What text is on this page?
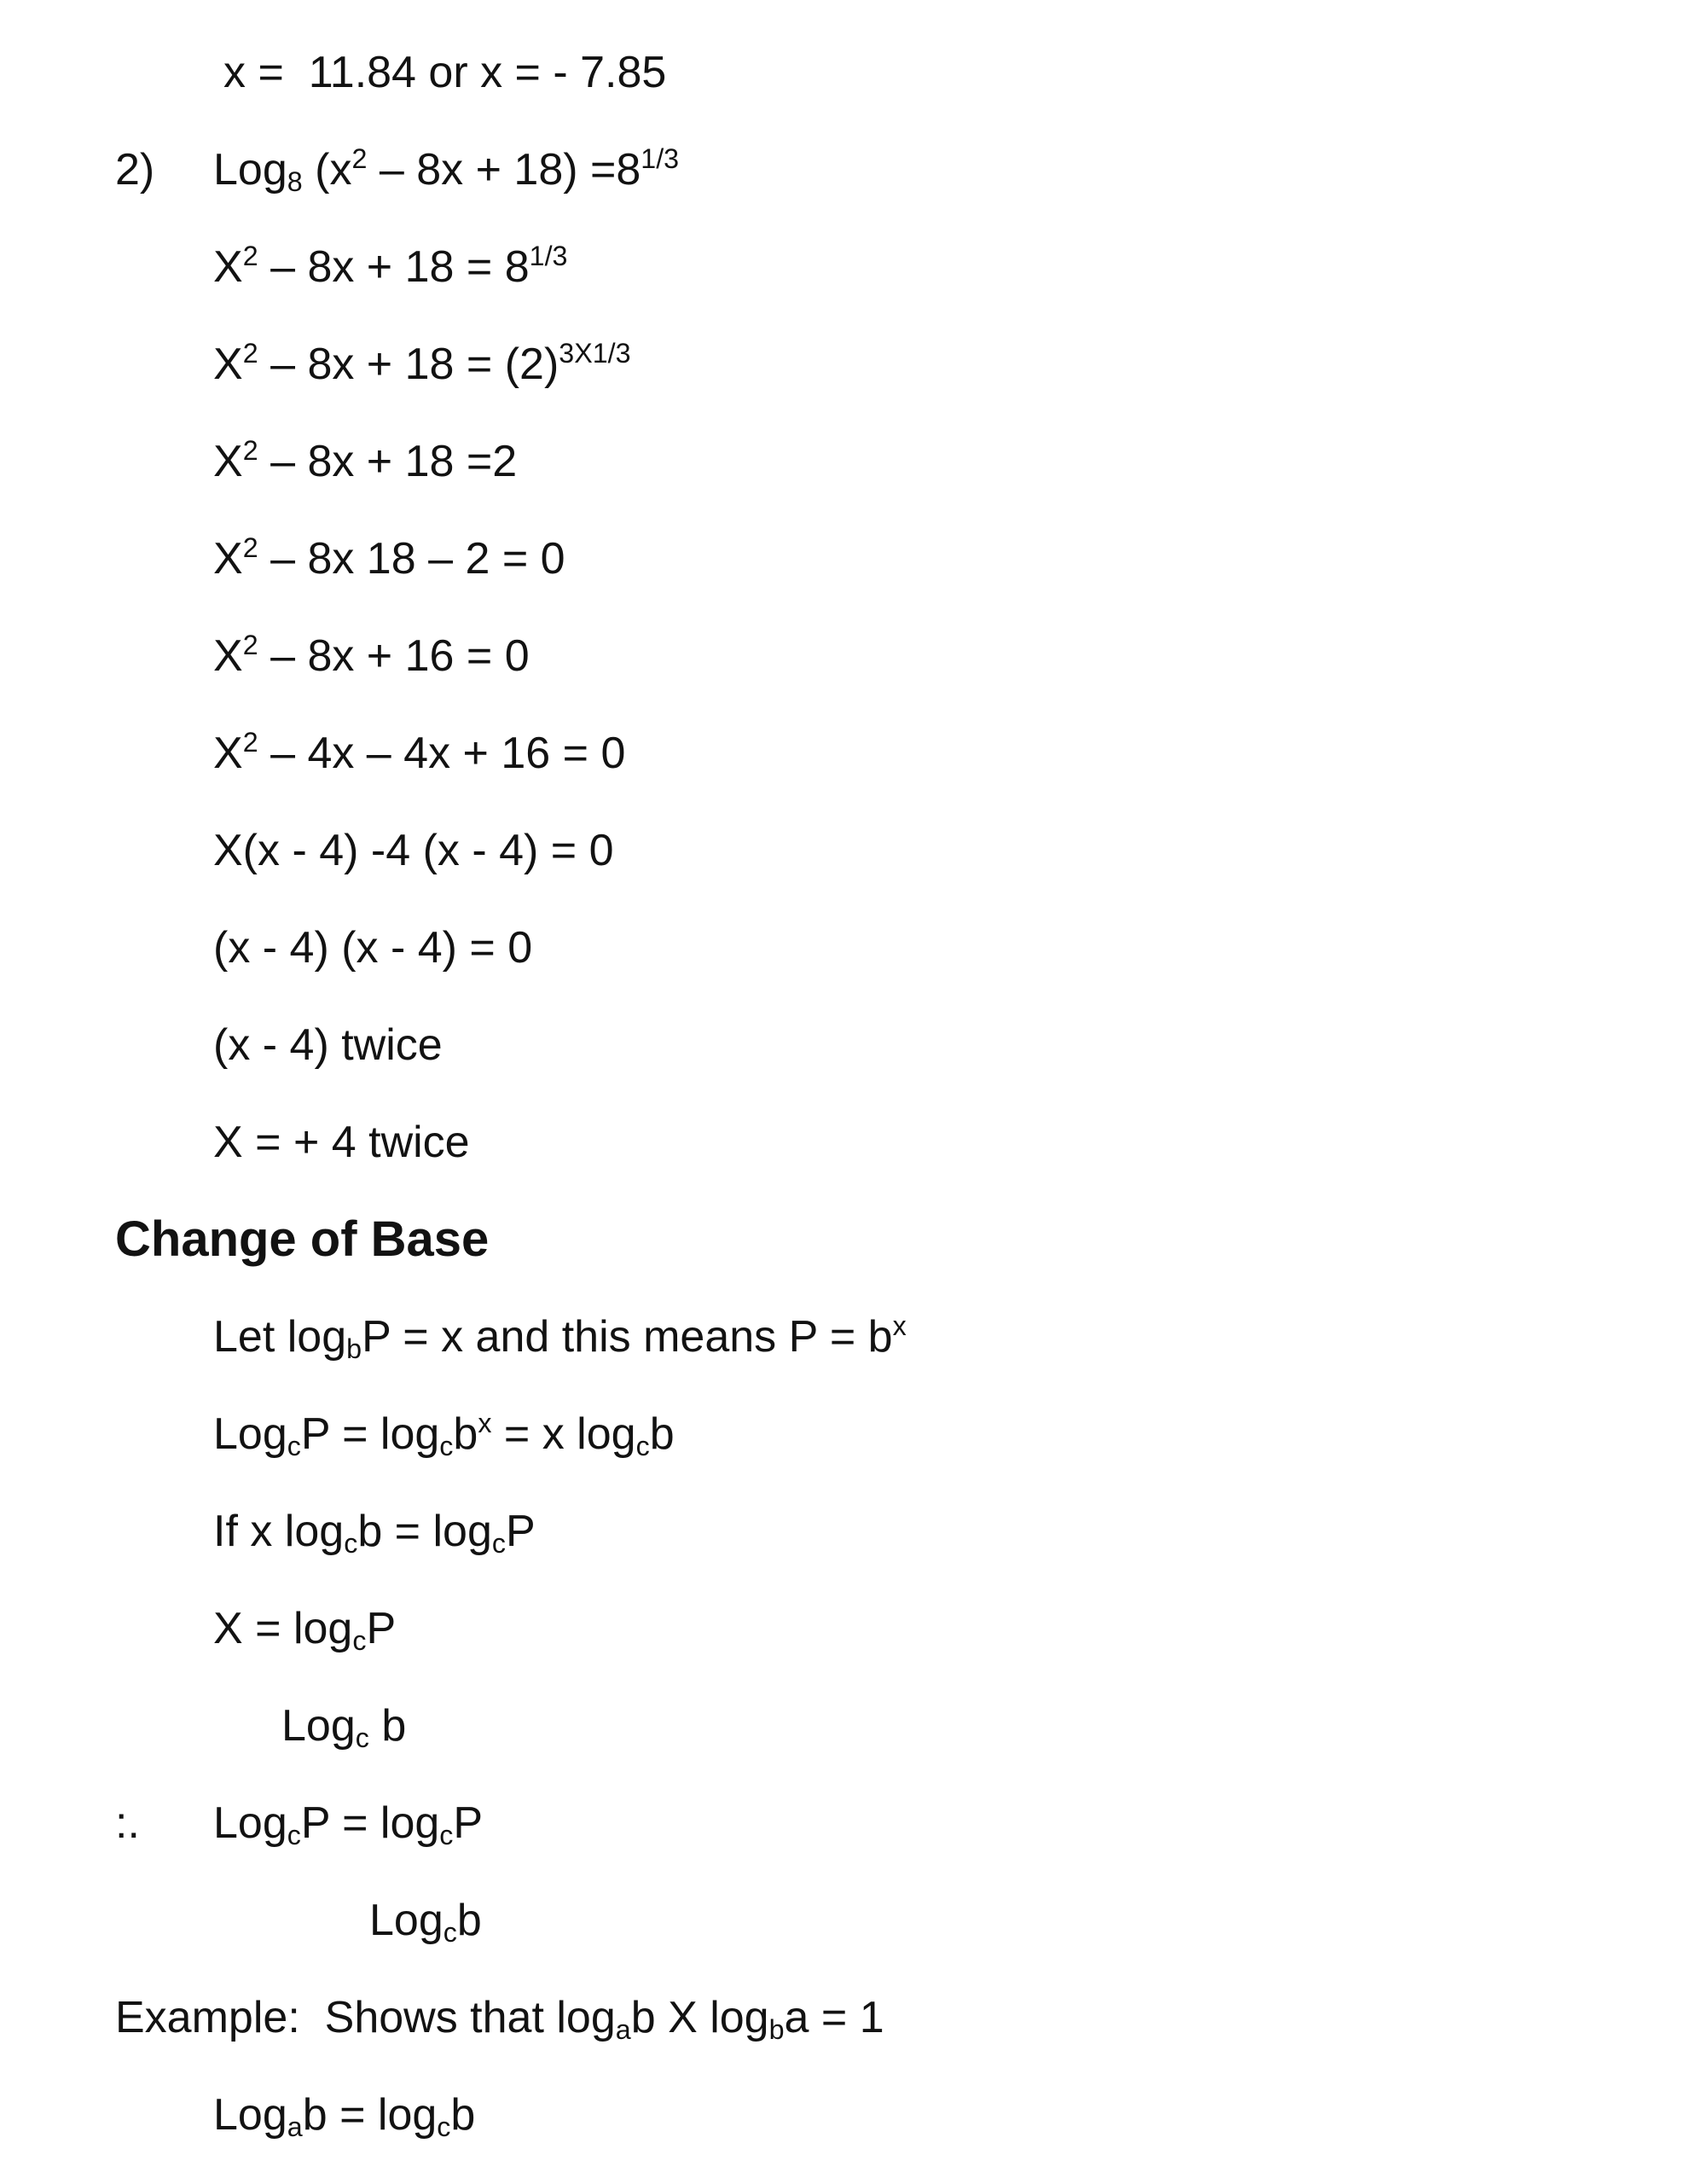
x =  11.84 or x = - 7.85
2) Log8 $(x^2 - 8x + 18) =8^{1/3}$
$X^2 - 8x + 18 = 8^{1/3}$
$X^2 - 8x + 18 = (2)^{3X1/3}$
$X^2 - 8x + 18 =2$
$X^2 - 8x$ 18 – 2 = 0
$X^2 - 8x + 16 = 0$
$X^2 - 4x - 4x + 16 = 0$
X(x - 4) -4 (x - 4) = 0
(x - 4) (x - 4) = 0
(x - 4) twice
X = + 4 twice
Change of Base
Let logbP = x and this means $P = b^x$
LogcP = logcb$^x$ = x logcb
If x logcb = logcP
X = logcP
Logc b
:. LogcP = logcP
Logcb
Example:  Shows that logab X logba = 1
Logab = logcb
